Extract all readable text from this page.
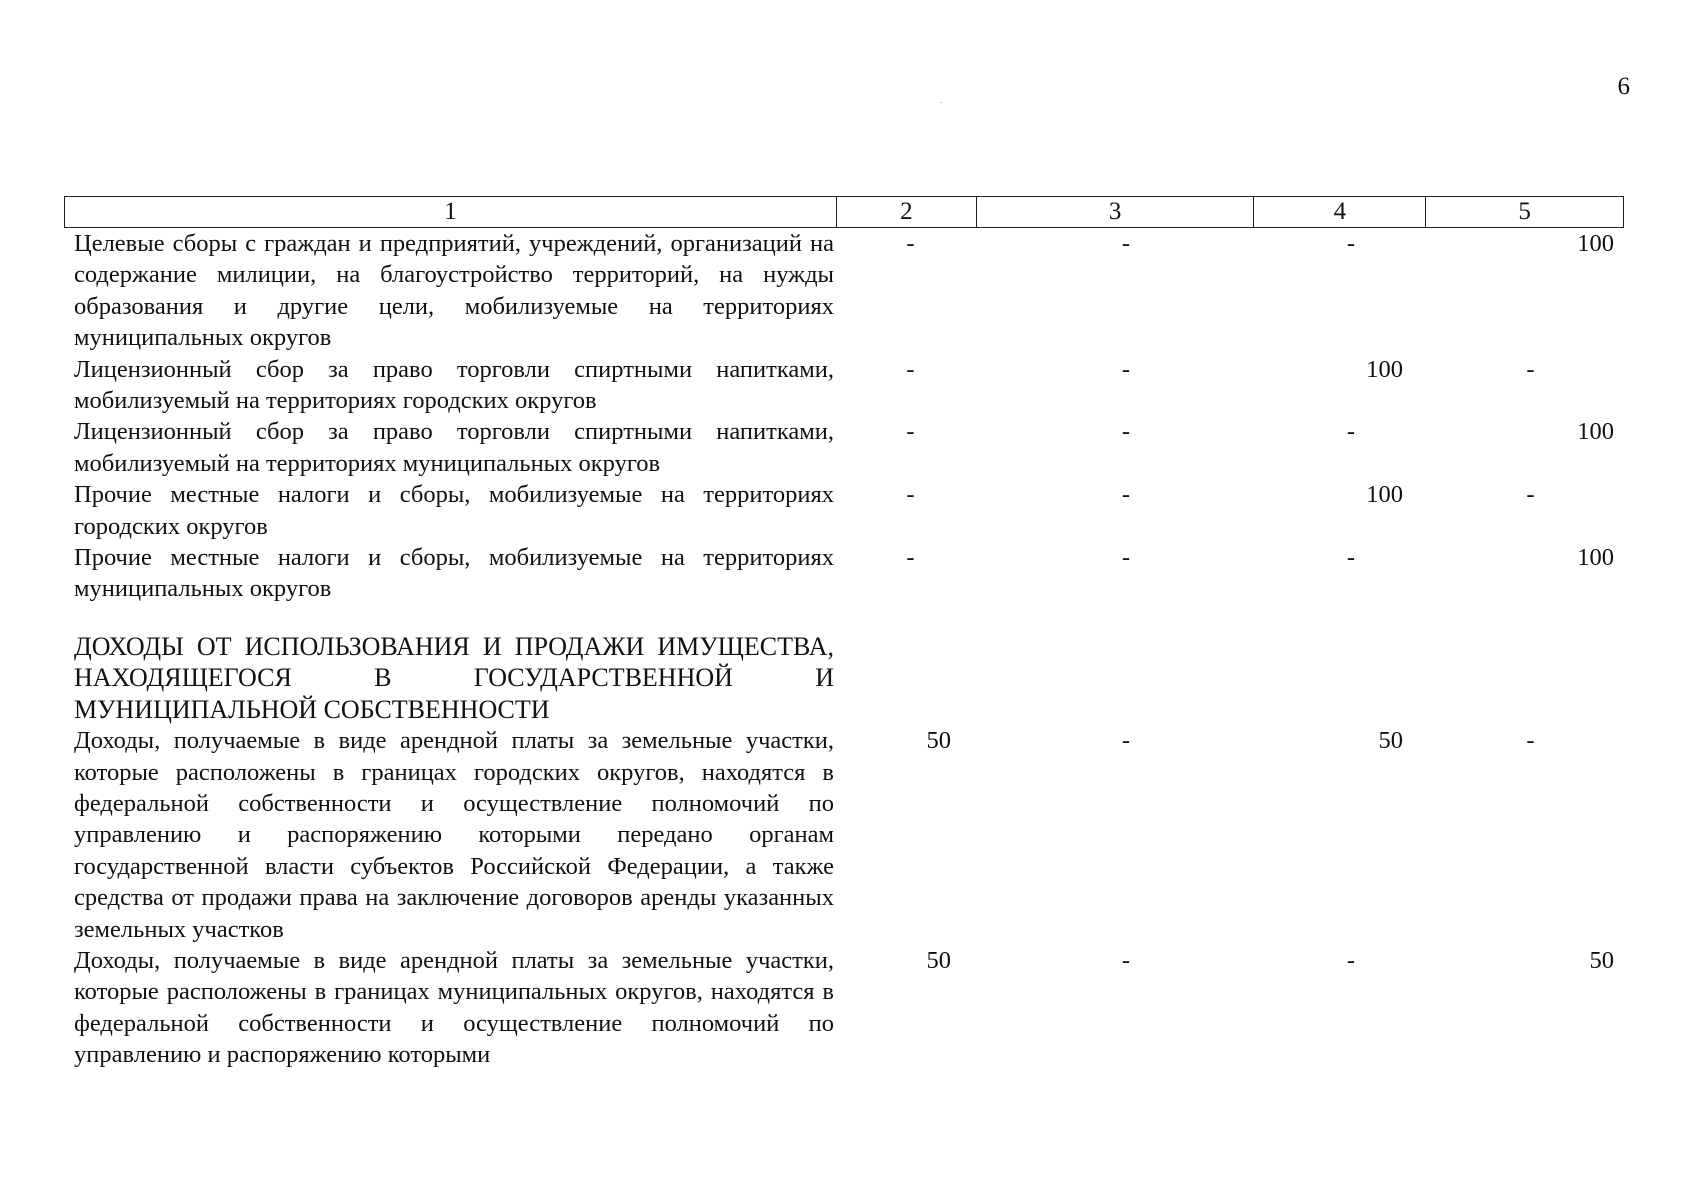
6
1	2	3	4	5
Целевые сборы с граждан и предприятий, учреждений, организаций на содержание милиции, на благоустройство территорий, на нужды образования и другие цели, мобилизуемые на территориях муниципальных округов
-	-	-	100
Лицензионный сбор за право торговли спиртными напитками, мобилизуемый на территориях городских округов
-	-	100	-
Лицензионный сбор за право торговли спиртными напитками, мобилизуемый на территориях муниципальных округов
-	-	-	100
Прочие местные налоги и сборы, мобилизуемые на территориях городских округов
-	-	100	-
Прочие местные налоги и сборы, мобилизуемые на территориях муниципальных округов
-	-	-	100
ДОХОДЫ ОТ ИСПОЛЬЗОВАНИЯ И ПРОДАЖИ ИМУЩЕСТВА, НАХОДЯЩЕГОСЯ В ГОСУДАРСТВЕННОЙ И МУНИЦИПАЛЬНОЙ СОБСТВЕННОСТИ
Доходы, получаемые в виде арендной платы за земельные участки, которые расположены в границах городских округов, находятся в федеральной собственности и осуществление полномочий по управлению и распоряжению которыми передано органам государственной власти субъектов Российской Федерации, а также средства от продажи права на заключение договоров аренды указанных земельных участков
50	-	50	-
Доходы, получаемые в виде арендной платы за земельные участки, которые расположены в границах муниципальных округов, находятся в федеральной собственности и осуществление полномочий по управлению и распоряжению которыми
50	-	-	50
